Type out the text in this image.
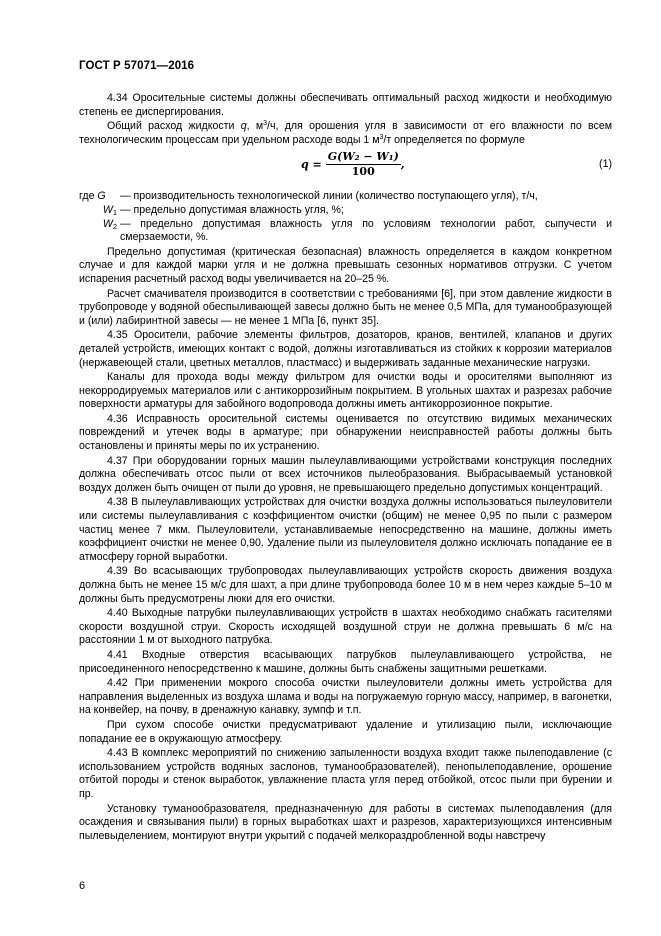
ГОСТ Р 57071—2016

4.34 Оросительные системы должны обеспечивать оптимальный расход жидкости и необходимую степень ее диспергирования.

Общий расход жидкости q, $м^3/ч$, для орошения угля в зависимости от его влажности по всем технологическим процессам при удельном расходе воды 1 $м^3/т$ определяется по формуле

$q = \frac{\text{G(W₂ − W₁)}}{100}$ ,	(1)
где G	— производительность технологической линии (количество поступающего угля), т/ч,
$W_1$ — предельно допустимая влажность угля, %;
$W_2$ — предельно допустимая влажность угля по условиям технологии работ, сыпучести и смерзаемости, %.

Предельно допустимая (критическая безопасная) влажность определяется в каждом конкретном случае и для каждой марки угля и не должна превышать сезонных нормативов отгрузки. С учетом испарения расчетный расход воды увеличивается на 20–25 %.

Расчет смачивателя производится в соответствии с требованиями [6], при этом давление жидкости в трубопроводе у водяной обеспыливающей завесы должно быть не менее 0,5 МПа, для туманообразующей и (или) лабиринтной завесы — не менее 1 МПа [6, пункт 35].

4.35 Оросители, рабочие элементы фильтров, дозаторов, кранов, вентилей, клапанов и других деталей устройств, имеющих контакт с водой, должны изготавливаться из стойких к коррозии материалов (нержавеющей стали, цветных металлов, пластмасс) и выдерживать заданные механические нагрузки.

Каналы для прохода воды между фильтром для очистки воды и оросителями выполняют из некорродируемых материалов или с антикоррозийным покрытием. В угольных шахтах и разрезах рабочие поверхности арматуры для забойного водопровода должны иметь антикоррозионное покрытие.

4.36 Исправность оросительной системы оценивается по отсутствию видимых механических повреждений и утечек воды в арматуре; при обнаружении неисправностей работы должны быть остановлены и приняты меры по их устранению.

4.37 При оборудовании горных машин пылеулавливающими устройствами конструкция последних должна обеспечивать отсос пыли от всех источников пылеобразования. Выбрасываемый установкой воздух должен быть очищен от пыли до уровня, не превышающего предельно допустимых концентраций.

4.38 В пылеулавливающих устройствах для очистки воздуха должны использоваться пылеуловители или системы пылеулавливания с коэффициентом очистки (общим) не менее 0,95 по пыли с размером частиц менее 7 мкм. Пылеуловители, устанавливаемые непосредственно на машине, должны иметь коэффициент очистки не менее 0,90. Удаление пыли из пылеуловителя должно исключать попадание ее в атмосферу горной выработки.

4.39 Во всасывающих трубопроводах пылеулавливающих устройств скорость движения воздуха должна быть не менее 15 м/с для шахт, а при длине трубопровода более 10 м в нем через каждые 5–10 м должны быть предусмотрены люки для его очистки.

4.40 Выходные патрубки пылеулавливающих устройств в шахтах необходимо снабжать гасителями скорости воздушной струи. Скорость исходящей воздушной струи не должна превышать 6 м/с на расстоянии 1 м от выходного патрубка.

4.41 Входные отверстия всасывающих патрубков пылеулавливающего устройства, не присоединенного непосредственно к машине, должны быть снабжены защитными решетками.

4.42 При применении мокрого способа очистки пылеуловители должны иметь устройства для направления выделенных из воздуха шлама и воды на погружаемую горную массу, например, в вагонетки, на конвейер, на почву, в дренажную канавку, зумпф и т.п.

При сухом способе очистки предусматривают удаление и утилизацию пыли, исключающие попадание ее в окружающую атмосферу.

4.43 В комплекс мероприятий по снижению запыленности воздуха входит также пылеподавление (с использованием устройств водяных заслонов, туманообразователей), пенопылеподавление, орошение отбитой породы и стенок выработок, увлажнение пласта угля перед отбойкой, отсос пыли при бурении и пр.

Установку туманообразователя, предназначенную для работы в системах пылеподавления (для осаждения и связывания пыли) в горных выработках шахт и разрезов, характеризующихся интенсивным пылевыделением, монтируют внутри укрытий с подачей мелкораздробленной воды навстречу

6
